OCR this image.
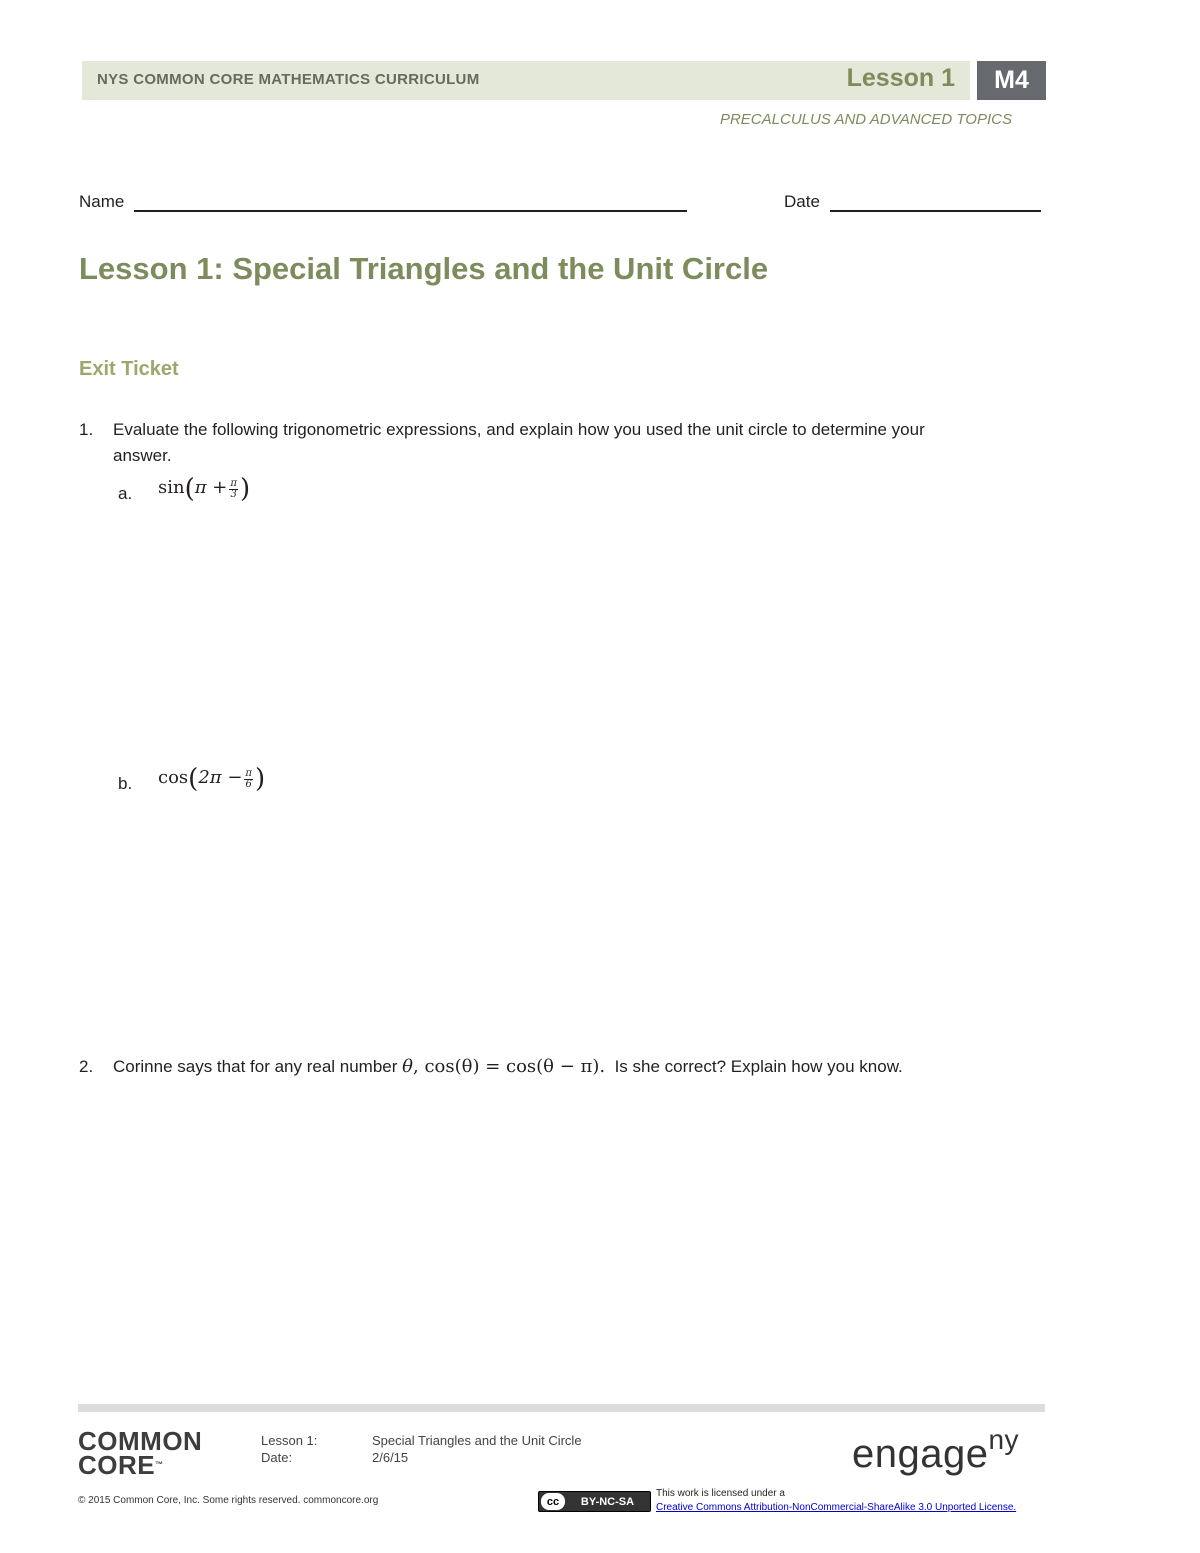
NYS COMMON CORE MATHEMATICS CURRICULUM	Lesson 1	M4
PRECALCULUS AND ADVANCED TOPICS
Name	Date
Lesson 1: Special Triangles and the Unit Circle
Exit Ticket
1. Evaluate the following trigonometric expressions, and explain how you used the unit circle to determine your
answer.
a. $\sin(\pi + \frac{\pi}{3}$ )
b. $\cos(2\pi - \frac{\pi}{6}$ )
2. Corinne says that for any real number θ, cos(θ) = cos(θ − π). Is she correct? Explain how you know.
COMMON
CORE™
Lesson 1:	Special Triangles and the Unit Circle
Date:	2/6/15	engage$^{ny}$
© 2015 Common Core, Inc. Some rights reserved. commoncore.org	cc	BY-NC-SA
This work is licensed under a
Creative Commons Attribution-NonCommercial-ShareAlike 3.0 Unported License.
